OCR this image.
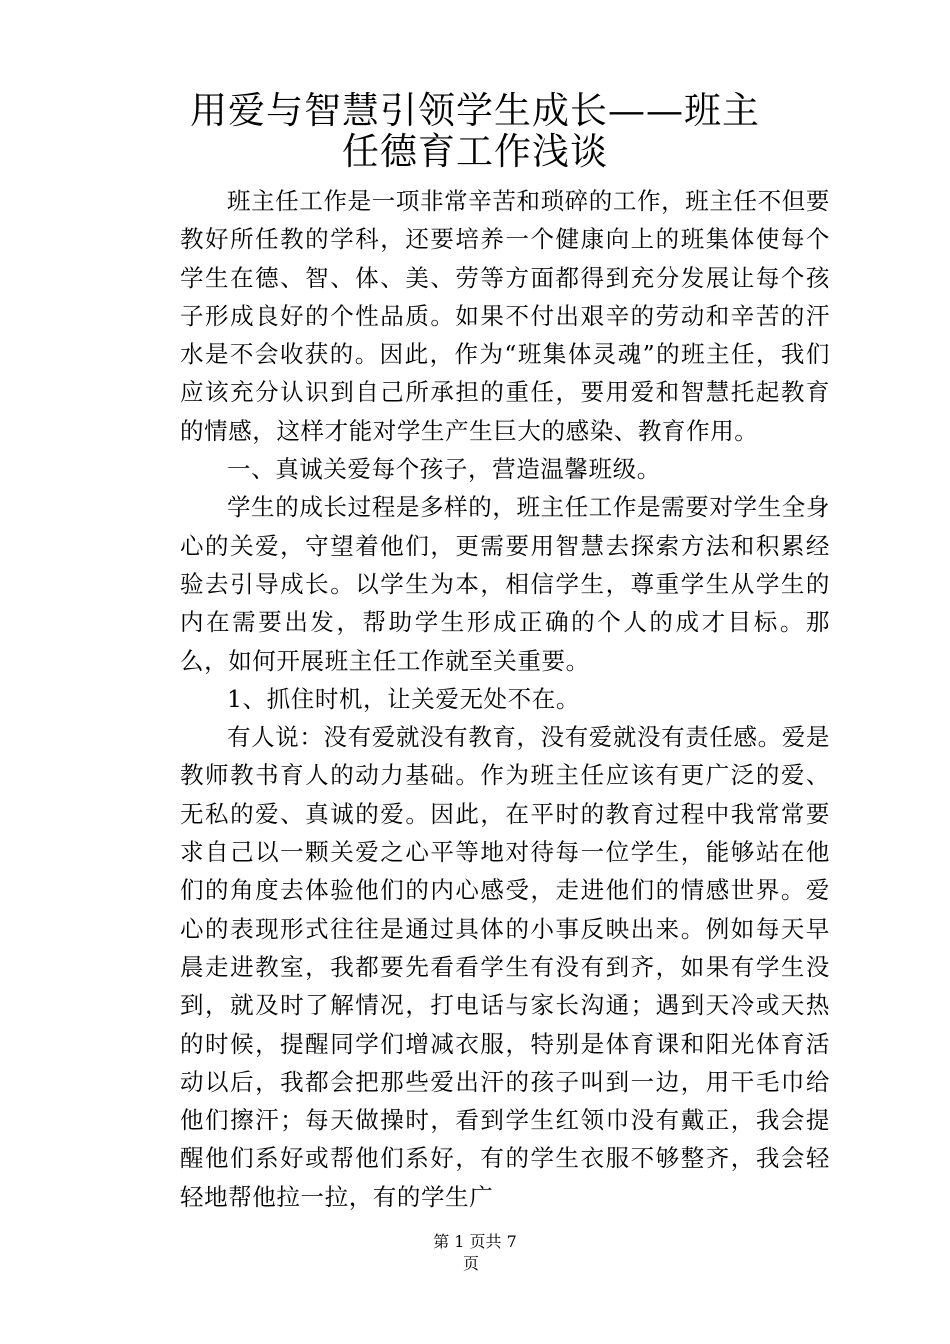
用爱与智慧引领学生成长——班主
任德育工作浅谈

班主任工作是一项非常辛苦和琐碎的工作，班主任不但要教好所任教的学科，还要培养一个健康向上的班集体使每个学生在德、智、体、美、劳等方面都得到充分发展让每个孩子形成良好的个性品质。如果不付出艰辛的劳动和辛苦的汗水是不会收获的。因此，作为“班集体灵魂”的班主任，我们应该充分认识到自己所承担的重任，要用爱和智慧托起教育的情感，这样才能对学生产生巨大的感染、教育作用。

一、真诚关爱每个孩子，营造温馨班级。

学生的成长过程是多样的，班主任工作是需要对学生全身心的关爱，守望着他们，更需要用智慧去探索方法和积累经验去引导成长。以学生为本，相信学生，尊重学生从学生的内在需要出发，帮助学生形成正确的个人的成才目标。那么，如何开展班主任工作就至关重要。

1、抓住时机，让关爱无处不在。

有人说：没有爱就没有教育，没有爱就没有责任感。爱是教师教书育人的动力基础。作为班主任应该有更广泛的爱、无私的爱、真诚的爱。因此，在平时的教育过程中我常常要求自己以一颗关爱之心平等地对待每一位学生，能够站在他们的角度去体验他们的内心感受，走进他们的情感世界。爱心的表现形式往往是通过具体的小事反映出来。例如每天早晨走进教室，我都要先看看学生有没有到齐，如果有学生没到，就及时了解情况，打电话与家长沟通；遇到天冷或天热的时候，提醒同学们增减衣服，特别是体育课和阳光体育活动以后，我都会把那些爱出汗的孩子叫到一边，用干毛巾给他们擦汗；每天做操时，看到学生红领巾没有戴正，我会提醒他们系好或帮他们系好，有的学生衣服不够整齐，我会轻轻地帮他拉一拉，有的学生广

第 1 页共 7
页
